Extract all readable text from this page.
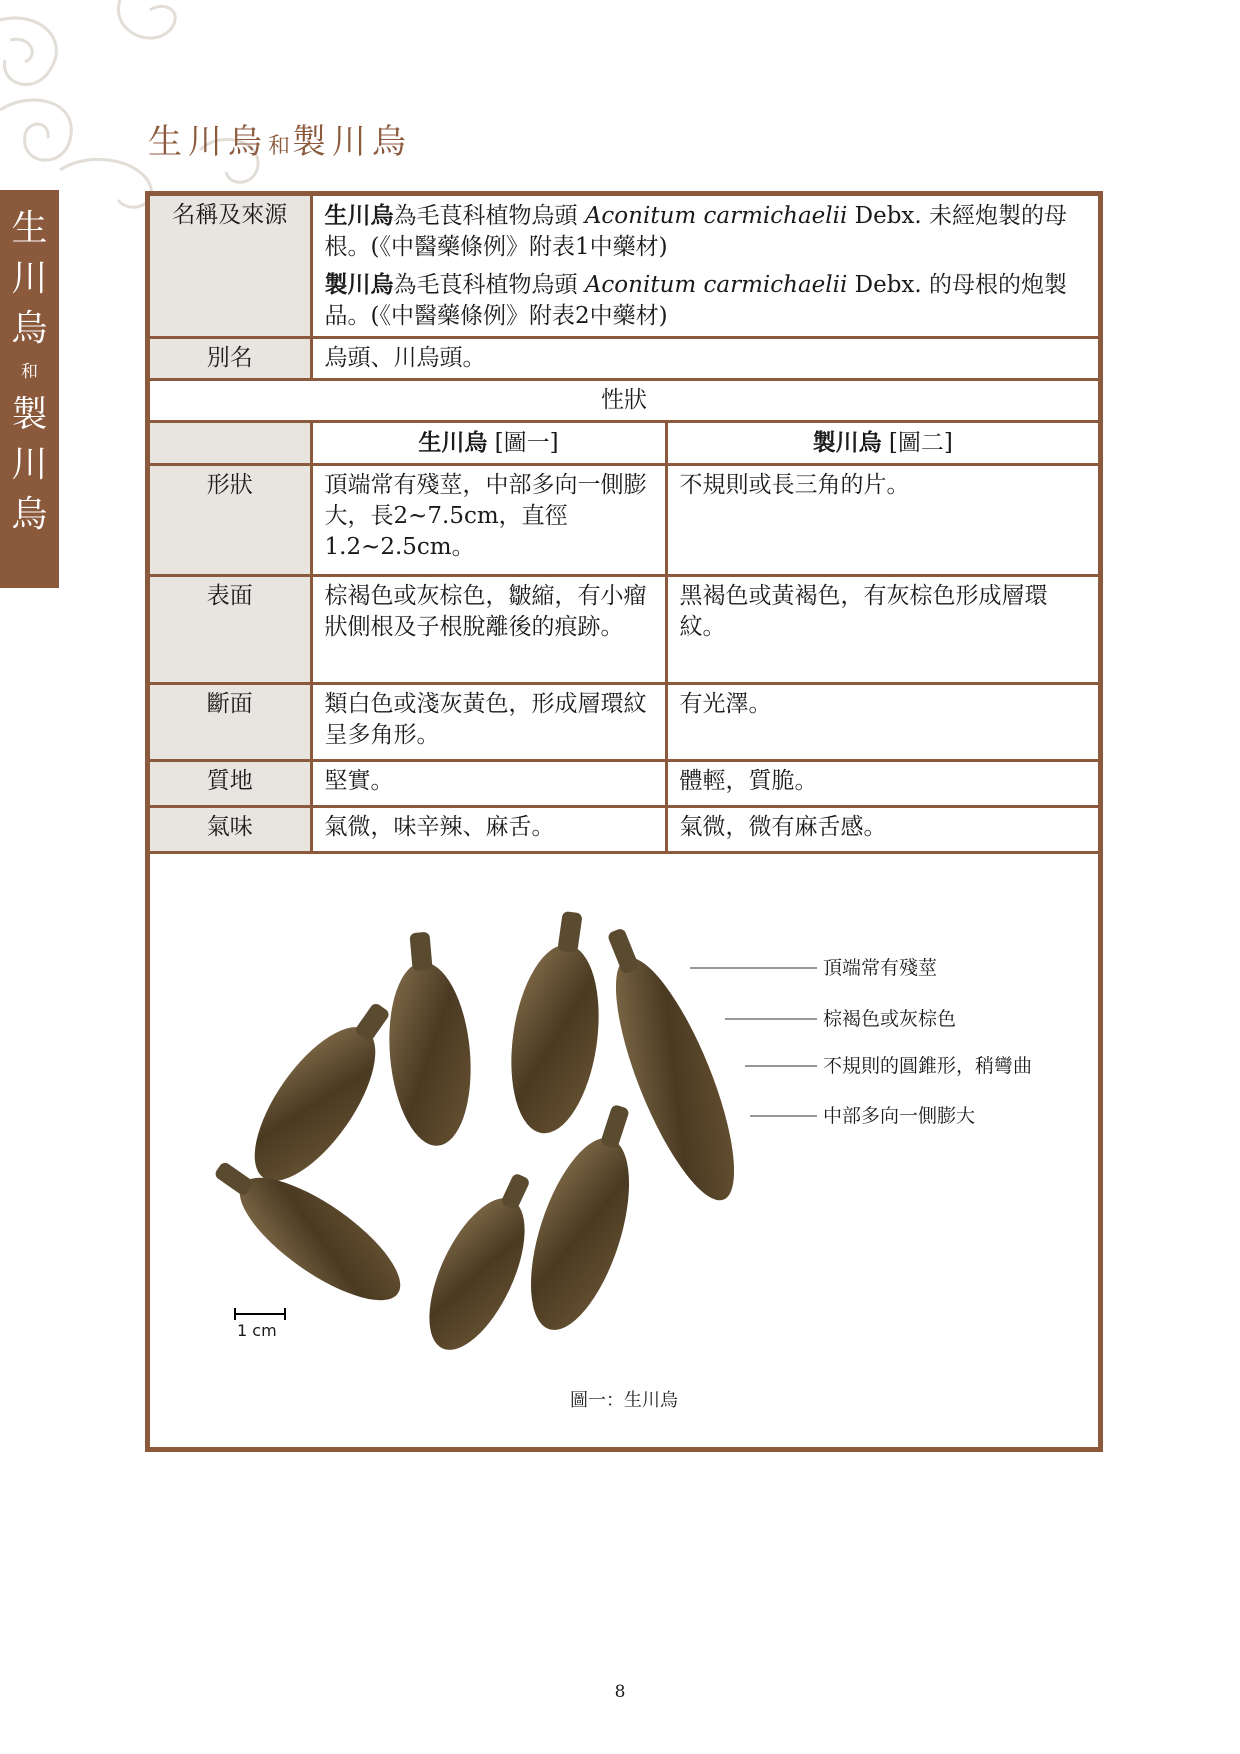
生
川
烏
和
製
川
烏
生川烏和製川烏
名稱及來源	生川烏為毛茛科植物烏頭 Aconitum carmichaelii Debx. 未經炮製的母根。(《中醫藥條例》附表1中藥材)
製川烏為毛茛科植物烏頭 Aconitum carmichaelii Debx. 的母根的炮製品。(《中醫藥條例》附表2中藥材)	

別名	烏頭、川烏頭。	
性狀		
	生川烏 [圖一]	製川烏 [圖二]
形狀	頂端常有殘莖，中部多向一側膨大，長2~7.5cm，直徑1.2~2.5cm。	不規則或長三角的片。
表面	棕褐色或灰棕色，皺縮，有小瘤狀側根及子根脫離後的痕跡。	黑褐色或黃褐色，有灰棕色形成層環紋。
斷面	類白色或淺灰黃色，形成層環紋呈多角形。	有光澤。
質地	堅實。	體輕，質脆。
氣味	氣微，味辛辣、麻舌。	氣微，微有麻舌感。
頂端常有殘莖
棕褐色或灰棕色
不規則的圓錐形，稍彎曲
中部多向一側膨大
1 cm
圖一：生川烏
8
